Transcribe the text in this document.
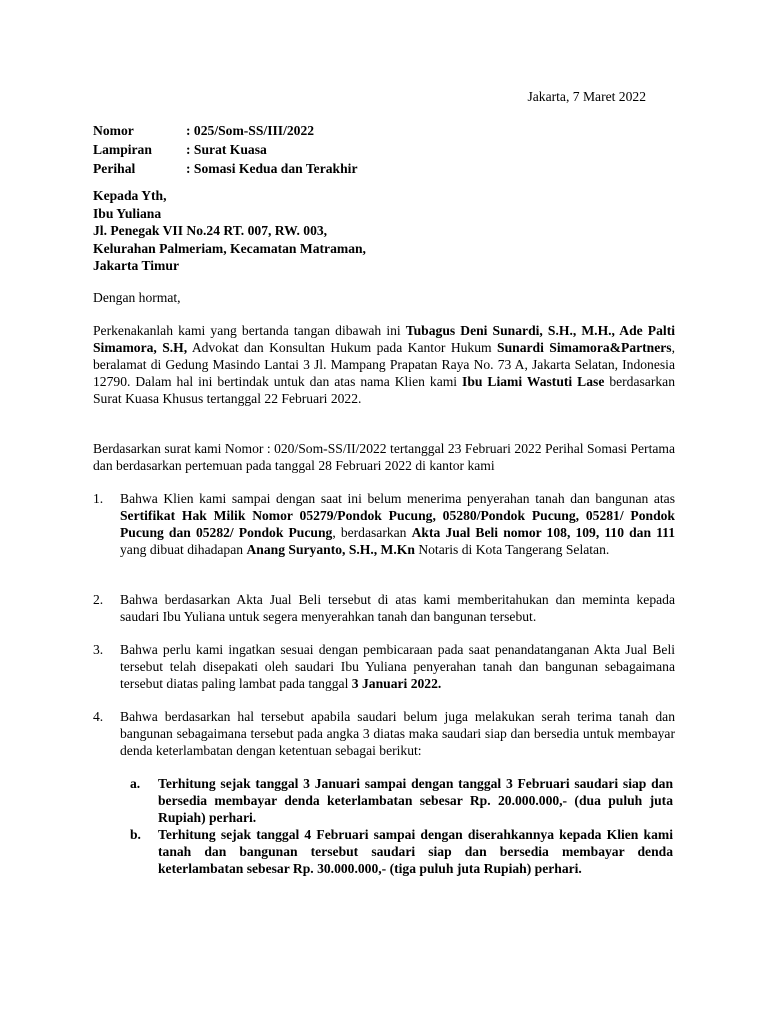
Jakarta, 7 Maret 2022
Nomor	: 025/Som-SS/III/2022
Lampiran	: Surat Kuasa
Perihal	: Somasi Kedua dan Terakhir
Kepada Yth,
Ibu Yuliana
Jl. Penegak VII No.24 RT. 007, RW. 003,
Kelurahan Palmeriam, Kecamatan Matraman,
Jakarta Timur
Dengan hormat,
Perkenakanlah kami yang bertanda tangan dibawah ini Tubagus Deni Sunardi, S.H., M.H., Ade Palti Simamora, S.H, Advokat dan Konsultan Hukum pada Kantor Hukum Sunardi Simamora&Partners, beralamat di Gedung Masindo Lantai 3 Jl. Mampang Prapatan Raya No. 73 A, Jakarta Selatan, Indonesia 12790. Dalam hal ini bertindak untuk dan atas nama Klien kami Ibu Liami Wastuti Lase berdasarkan Surat Kuasa Khusus tertanggal 22 Februari 2022.
Berdasarkan surat kami Nomor : 020/Som-SS/II/2022 tertanggal 23 Februari 2022 Perihal Somasi Pertama dan berdasarkan pertemuan pada tanggal 28 Februari 2022 di kantor kami
1. Bahwa Klien kami sampai dengan saat ini belum menerima penyerahan tanah dan bangunan atas Sertifikat Hak Milik Nomor 05279/Pondok Pucung, 05280/Pondok Pucung, 05281/ Pondok Pucung dan 05282/ Pondok Pucung, berdasarkan Akta Jual Beli nomor 108, 109, 110 dan 111 yang dibuat dihadapan Anang Suryanto, S.H., M.Kn Notaris di Kota Tangerang Selatan.
2. Bahwa berdasarkan Akta Jual Beli tersebut di atas kami memberitahukan dan meminta kepada saudari Ibu Yuliana untuk segera menyerahkan tanah dan bangunan tersebut.
3. Bahwa perlu kami ingatkan sesuai dengan pembicaraan pada saat penandatanganan Akta Jual Beli tersebut telah disepakati oleh saudari Ibu Yuliana penyerahan tanah dan bangunan sebagaimana tersebut diatas paling lambat pada tanggal 3 Januari 2022.
4. Bahwa berdasarkan hal tersebut apabila saudari belum juga melakukan serah terima tanah dan bangunan sebagaimana tersebut pada angka 3 diatas maka saudari siap dan bersedia untuk membayar denda keterlambatan dengan ketentuan sebagai berikut:
a. Terhitung sejak tanggal 3 Januari sampai dengan tanggal 3 Februari saudari siap dan bersedia membayar denda keterlambatan sebesar Rp. 20.000.000,- (dua puluh juta Rupiah) perhari.
b. Terhitung sejak tanggal 4 Februari sampai dengan diserahkannya kepada Klien kami tanah dan bangunan tersebut saudari siap dan bersedia membayar denda keterlambatan sebesar Rp. 30.000.000,- (tiga puluh juta Rupiah) perhari.
